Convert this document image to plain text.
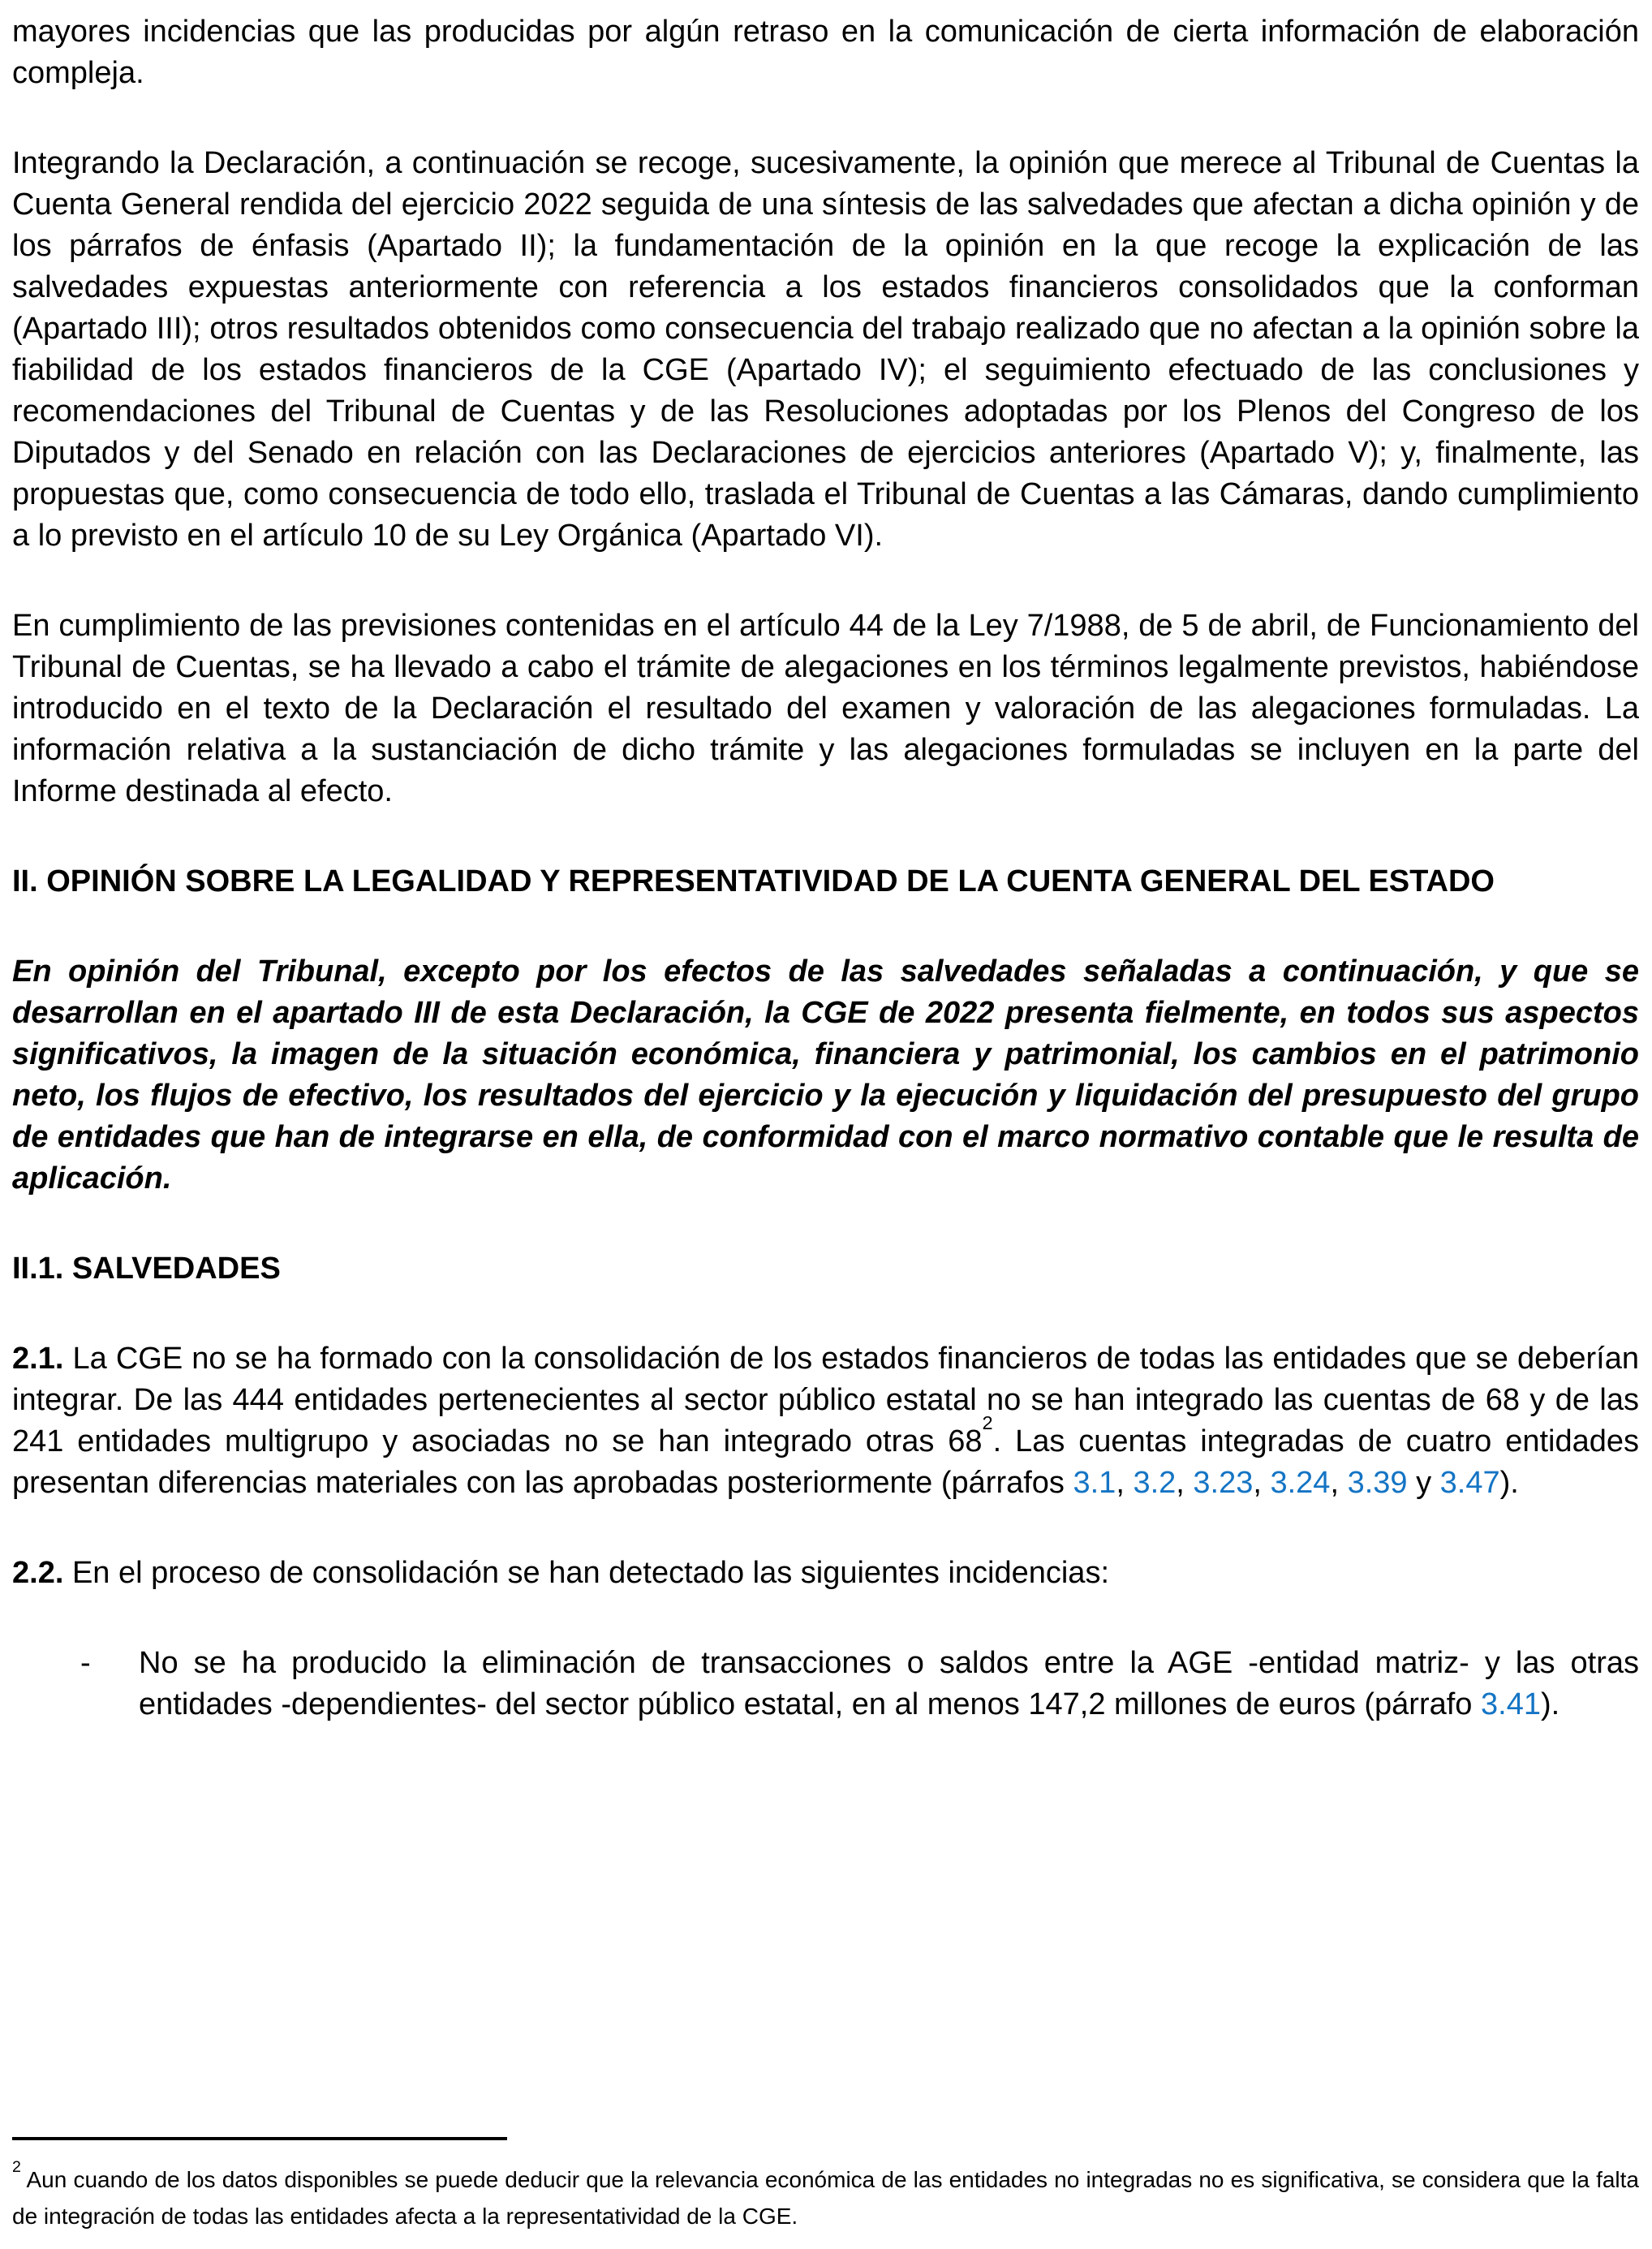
mayores incidencias que las producidas por algún retraso en la comunicación de cierta información de elaboración compleja.

Integrando la Declaración, a continuación se recoge, sucesivamente, la opinión que merece al Tribunal de Cuentas la Cuenta General rendida del ejercicio 2022 seguida de una síntesis de las salvedades que afectan a dicha opinión y de los párrafos de énfasis (Apartado II); la fundamentación de la opinión en la que recoge la explicación de las salvedades expuestas anteriormente con referencia a los estados financieros consolidados que la conforman (Apartado III); otros resultados obtenidos como consecuencia del trabajo realizado que no afectan a la opinión sobre la fiabilidad de los estados financieros de la CGE (Apartado IV); el seguimiento efectuado de las conclusiones y recomendaciones del Tribunal de Cuentas y de las Resoluciones adoptadas por los Plenos del Congreso de los Diputados y del Senado en relación con las Declaraciones de ejercicios anteriores (Apartado V); y, finalmente, las propuestas que, como consecuencia de todo ello, traslada el Tribunal de Cuentas a las Cámaras, dando cumplimiento a lo previsto en el artículo 10 de su Ley Orgánica (Apartado VI).

En cumplimiento de las previsiones contenidas en el artículo 44 de la Ley 7/1988, de 5 de abril, de Funcionamiento del Tribunal de Cuentas, se ha llevado a cabo el trámite de alegaciones en los términos legalmente previstos, habiéndose introducido en el texto de la Declaración el resultado del examen y valoración de las alegaciones formuladas. La información relativa a la sustanciación de dicho trámite y las alegaciones formuladas se incluyen en la parte del Informe destinada al efecto.

II. OPINIÓN SOBRE LA LEGALIDAD Y REPRESENTATIVIDAD DE LA CUENTA GENERAL DEL ESTADO

En opinión del Tribunal, excepto por los efectos de las salvedades señaladas a continuación, y que se desarrollan en el apartado III de esta Declaración, la CGE de 2022 presenta fielmente, en todos sus aspectos significativos, la imagen de la situación económica, financiera y patrimonial, los cambios en el patrimonio neto, los flujos de efectivo, los resultados del ejercicio y la ejecución y liquidación del presupuesto del grupo de entidades que han de integrarse en ella, de conformidad con el marco normativo contable que le resulta de aplicación.

II.1. SALVEDADES

2.1. La CGE no se ha formado con la consolidación de los estados financieros de todas las entidades que se deberían integrar. De las 444 entidades pertenecientes al sector público estatal no se han integrado las cuentas de 68 y de las 241 entidades multigrupo y asociadas no se han integrado otras 68$^2$. Las cuentas integradas de cuatro entidades presentan diferencias materiales con las aprobadas posteriormente (párrafos 3.1, 3.2, 3.23, 3.24, 3.39 y 3.47).

2.2. En el proceso de consolidación se han detectado las siguientes incidencias:

-	No se ha producido la eliminación de transacciones o saldos entre la AGE -entidad matriz- y las otras entidades -dependientes- del sector público estatal, en al menos 147,2 millones de euros (párrafo 3.41).

$^2$ Aun cuando de los datos disponibles se puede deducir que la relevancia económica de las entidades no integradas no es significativa, se considera que la falta de integración de todas las entidades afecta a la representatividad de la CGE.
